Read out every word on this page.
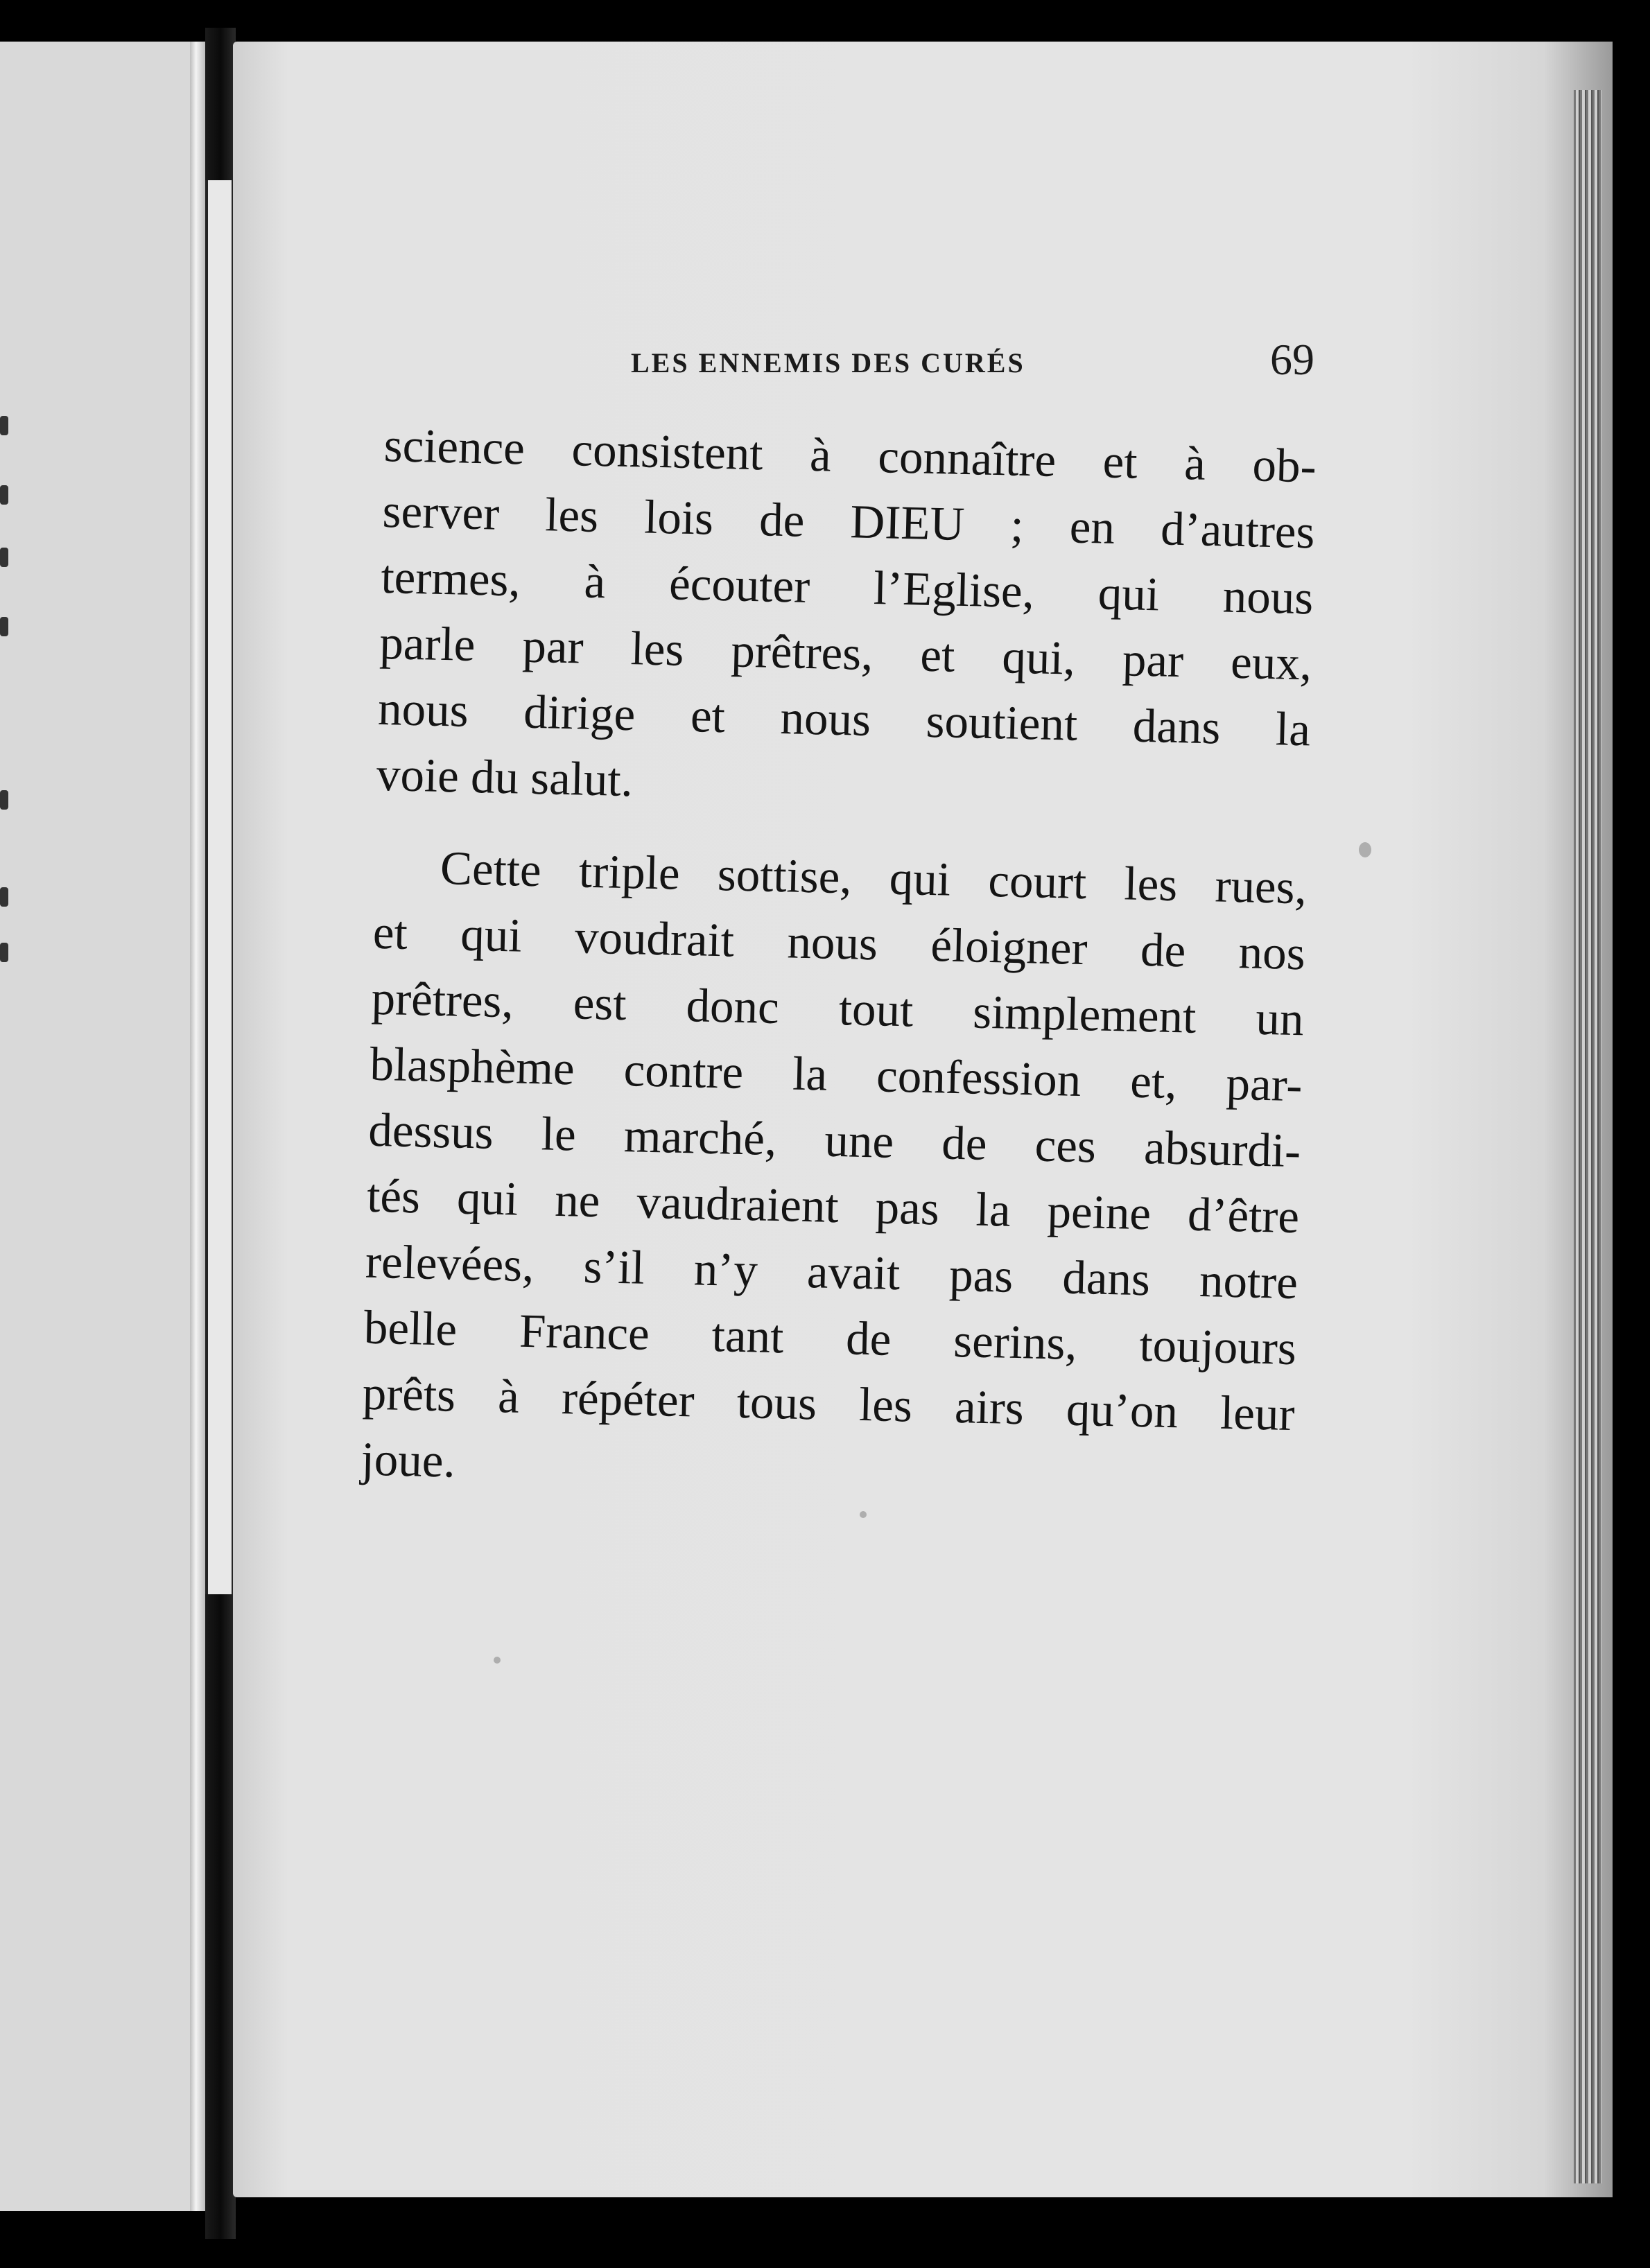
LES ENNEMIS DES CURÉS	69
science consistent à connaître et à ob-
server les lois de DIEU ; en d’autres
termes, à écouter l’Eglise, qui nous
parle par les prêtres, et qui, par eux,
nous dirige et nous soutient dans la
voie du salut.
Cette triple sottise, qui court les rues,
et qui voudrait nous éloigner de nos
prêtres, est donc tout simplement un
blasphème contre la confession et, par-
dessus le marché, une de ces absurdi-
tés qui ne vaudraient pas la peine d’être
relevées, s’il n’y avait pas dans notre
belle France tant de serins, toujours
prêts à répéter tous les airs qu’on leur
joue.
